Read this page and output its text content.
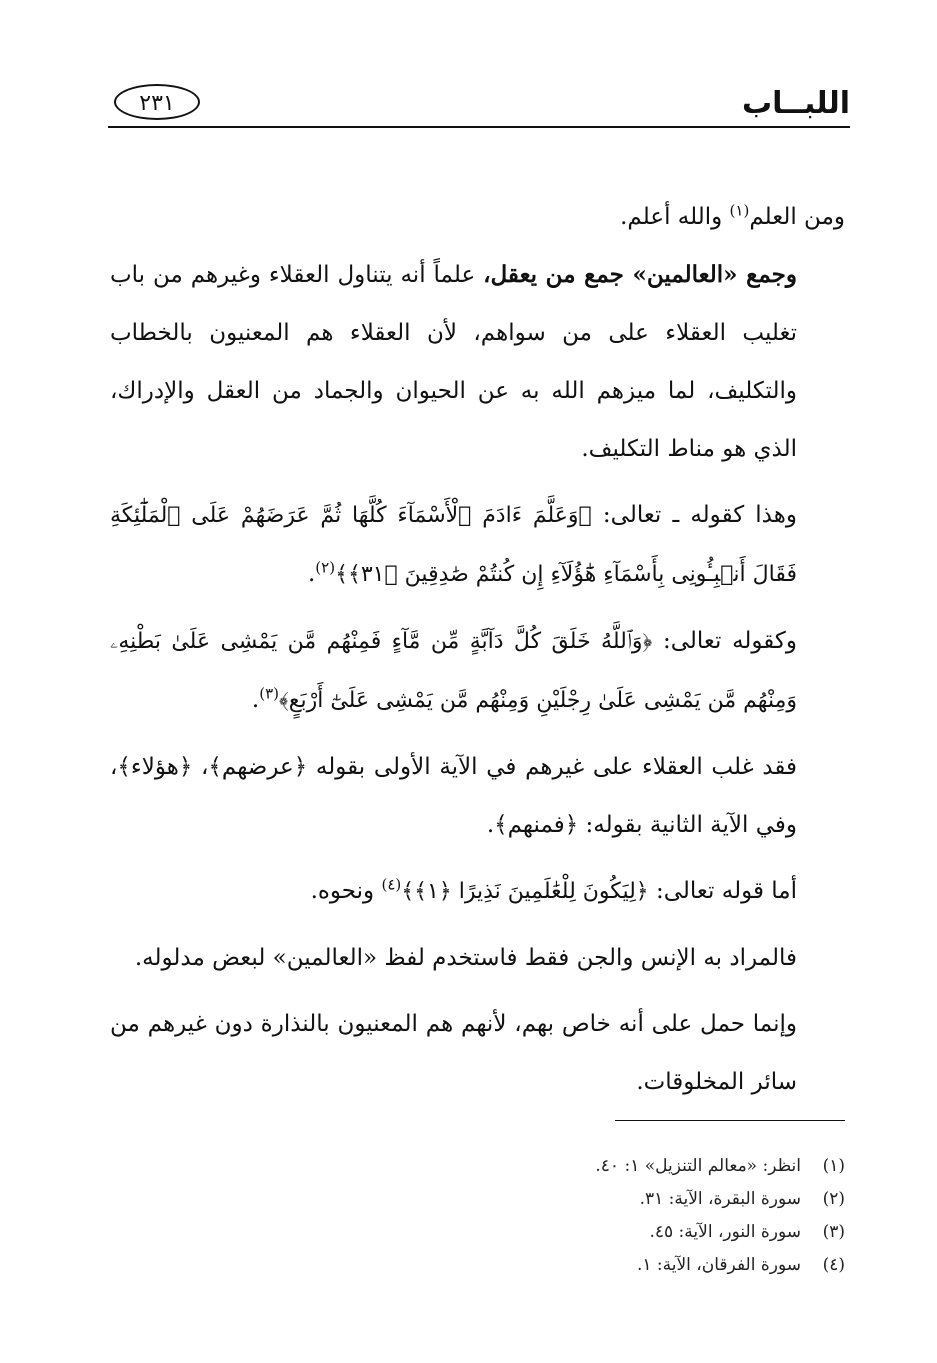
اللبــاب
٢٣١

ومن العلم$^{(١)}$ والله أعلم.

وجمع «العالمين» جمع من يعقل، علماً أنه يتناول العقلاء وغيرهم من باب تغليب العقلاء على من سواهم، لأن العقلاء هم المعنيون بالخطاب والتكليف، لما ميزهم الله به عن الحيوان والجماد من العقل والإدراك، الذي هو مناط التكليف.

وهذا كقوله ـ تعالى: ﴿وَعَلَّمَ ءَادَمَ ٱلْأَسْمَآءَ كُلَّهَا ثُمَّ عَرَضَهُمْ عَلَى ٱلْمَلَٰٓئِكَةِ فَقَالَ أَنۢبِـُٔونِى بِأَسْمَآءِ هَٰٓؤُلَآءِ إِن كُنتُمْ صَٰدِقِينَ ﴿٣١﴾﴾$^{(٢)}$.

وكقوله تعالى: ﴿وَٱللَّهُ خَلَقَ كُلَّ دَآبَّةٍ مِّن مَّآءٍ فَمِنْهُم مَّن يَمْشِى عَلَىٰ بَطْنِهِۦ وَمِنْهُم مَّن يَمْشِى عَلَىٰ رِجْلَيْنِ وَمِنْهُم مَّن يَمْشِى عَلَىٰٓ أَرْبَعٍ﴾$^{(٣)}$.

فقد غلب العقلاء على غيرهم في الآية الأولى بقوله ﴿عرضهم﴾، ﴿هؤلاء﴾، وفي الآية الثانية بقوله: ﴿فمنهم﴾.

أما قوله تعالى: ﴿لِيَكُونَ لِلْعَٰلَمِينَ نَذِيرًا ﴿١﴾﴾$^{(٤)}$ ونحوه.

فالمراد به الإنس والجن فقط فاستخدم لفظ «العالمين» لبعض مدلوله.

وإنما حمل على أنه خاص بهم، لأنهم هم المعنيون بالنذارة دون غيرهم من سائر المخلوقات.

(١)انظر: «معالم التنزيل» ١: ٤٠.
(٢)سورة البقرة، الآية: ٣١.
(٣)سورة النور، الآية: ٤٥.
(٤)سورة الفرقان، الآية: ١.
